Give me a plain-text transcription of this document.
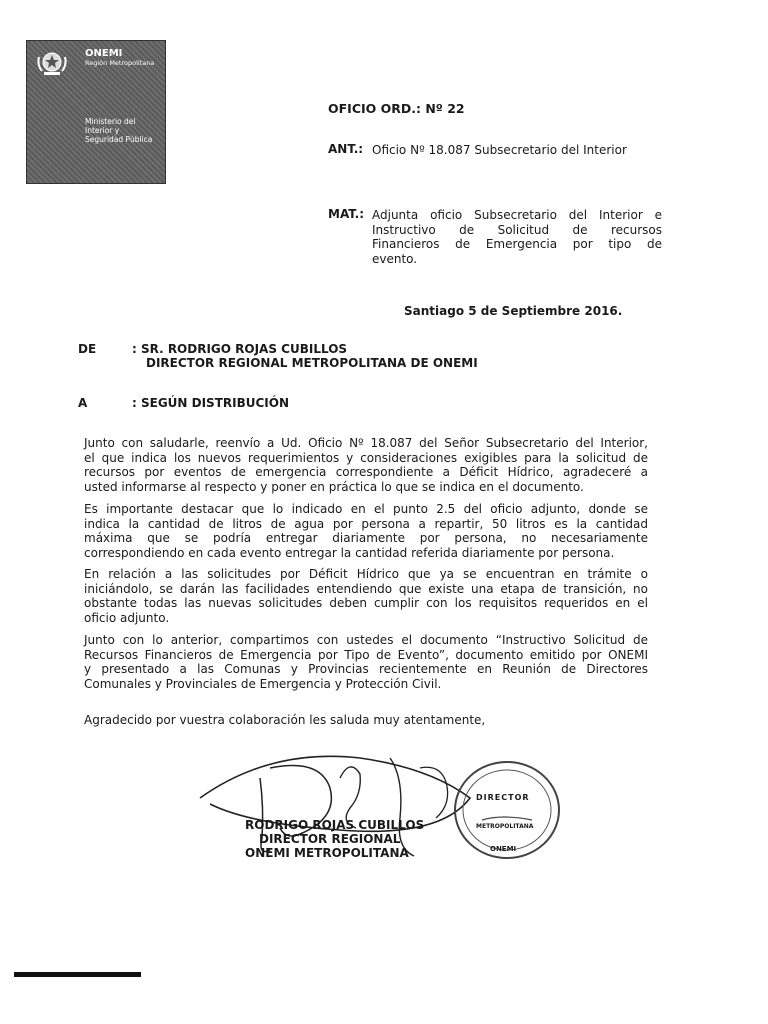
ONEMI
Región Metropolitana
Ministerio del
Interior y
Seguridad Pública
OFICIO ORD.: Nº 22
ANT.: Oficio Nº 18.087 Subsecretario del Interior
MAT.: Adjunta oficio Subsecretario del Interior e
Instructivo de Solicitud de recursos
Financieros de Emergencia por tipo de
evento.
Santiago 5 de Septiembre 2016.
DE	: SR. RODRIGO ROJAS CUBILLOS
DIRECTOR REGIONAL METROPOLITANA DE ONEMI
A	: SEGÚN DISTRIBUCIÓN
Junto con saludarle, reenvío a Ud. Oficio Nº 18.087 del Señor Subsecretario del Interior,
el que indica los nuevos requerimientos y consideraciones exigibles para la solicitud de
recursos por eventos de emergencia correspondiente a Déficit Hídrico, agradeceré a
usted informarse al respecto y poner en práctica lo que se indica en el documento.
Es importante destacar que lo indicado en el punto 2.5 del oficio adjunto, donde se
indica la cantidad de litros de agua por persona a repartir, 50 litros es la cantidad
máxima que se podría entregar diariamente por persona, no necesariamente
correspondiendo en cada evento entregar la cantidad referida diariamente por persona.
En relación a las solicitudes por Déficit Hídrico que ya se encuentran en trámite o
iniciándolo, se darán las facilidades entendiendo que existe una etapa de transición, no
obstante todas las nuevas solicitudes deben cumplir con los requisitos requeridos en el
oficio adjunto.
Junto con lo anterior, compartimos con ustedes el documento “Instructivo Solicitud de
Recursos Financieros de Emergencia por Tipo de Evento”, documento emitido por ONEMI
y presentado a las Comunas y Provincias recientemente en Reunión de Directores
Comunales y Provinciales de Emergencia y Protección Civil.
Agradecido por vuestra colaboración les saluda muy atentamente,
DIRECTOR
METROPOLITANA
ONEMI
RODRIGO ROJAS CUBILLOS
DIRECTOR REGIONAL
ONEMI METROPOLITANA
